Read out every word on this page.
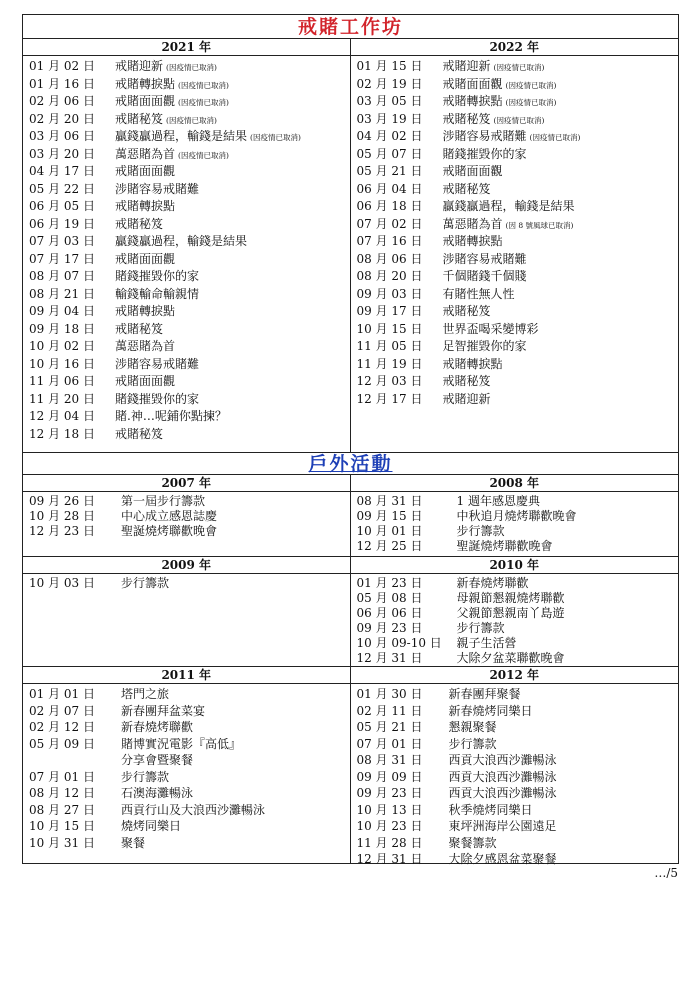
戒賭工作坊
2021 年
01 月 02 日	戒賭迎新 (因疫情已取消)
01 月 16 日	戒賭轉捩點 (因疫情已取消)
02 月 06 日	戒賭面面觀 (因疫情已取消)
02 月 20 日	戒賭秘笈 (因疫情已取消)
03 月 06 日	贏錢贏過程，輸錢是結果 (因疫情已取消)
03 月 20 日	萬惡賭為首 (因疫情已取消)
04 月 17 日	戒賭面面觀
05 月 22 日	涉賭容易戒賭難
06 月 05 日	戒賭轉捩點
06 月 19 日	戒賭秘笈
07 月 03 日	贏錢贏過程，輸錢是結果
07 月 17 日	戒賭面面觀
08 月 07 日	賭錢摧毀你的家
08 月 21 日	輸錢輸命輸親情
09 月 04 日	戒賭轉捩點
09 月 18 日	戒賭秘笈
10 月 02 日	萬惡賭為首
10 月 16 日	涉賭容易戒賭難
11 月 06 日	戒賭面面觀
11 月 20 日	賭錢摧毀你的家
12 月 04 日	賭.神…呢鋪你點揀？
12 月 18 日	戒賭秘笈
2022 年
01 月 15 日	戒賭迎新 (因疫情已取消)
02 月 19 日	戒賭面面觀 (因疫情已取消)
03 月 05 日	戒賭轉捩點 (因疫情已取消)
03 月 19 日	戒賭秘笈 (因疫情已取消)
04 月 02 日	涉賭容易戒賭難 (因疫情已取消)
05 月 07 日	賭錢摧毀你的家
05 月 21 日	戒賭面面觀
06 月 04 日	戒賭秘笈
06 月 18 日	贏錢贏過程，輸錢是結果
07 月 02 日	萬惡賭為首 (因 8 號風球已取消)
07 月 16 日	戒賭轉捩點
08 月 06 日	涉賭容易戒賭難
08 月 20 日	千個賭錢千個賤
09 月 03 日	有賭性無人性
09 月 17 日	戒賭秘笈
10 月 15 日	世界盃喝采變博彩
11 月 05 日	足智摧毀你的家
11 月 19 日	戒賭轉捩點
12 月 03 日	戒賭秘笈
12 月 17 日	戒賭迎新
戶外活動
2007 年
09 月 26 日	第一屆步行籌款
10 月 28 日	中心成立感恩誌慶
12 月 23 日	聖誕燒烤聯歡晚會
2008 年
08 月 31 日	1 週年感恩慶典
09 月 15 日	中秋追月燒烤聯歡晚會
10 月 01 日	步行籌款
12 月 25 日	聖誕燒烤聯歡晚會
2009 年
10 月 03 日	步行籌款
2010 年
01 月 23 日	新春燒烤聯歡
05 月 08 日	母親節懇親燒烤聯歡
06 月 06 日	父親節懇親南丫島遊
09 月 23 日	步行籌款
10 月 09-10 日	親子生活營
12 月 31 日	大除夕盆菜聯歡晚會
2011 年
01 月 01 日	塔門之旅
02 月 07 日	新春團拜盆菜宴
02 月 12 日	新春燒烤聯歡
05 月 09 日	賭博實況電影『高低』
分享會暨聚餐
07 月 01 日	步行籌款
08 月 12 日	石澳海灘暢泳
08 月 27 日	西貢行山及大浪西沙灘暢泳
10 月 15 日	燒烤同樂日
10 月 31 日	聚餐
2012 年
01 月 30 日	新春團拜聚餐
02 月 11 日	新春燒烤同樂日
05 月 21 日	懇親聚餐
07 月 01 日	步行籌款
08 月 31 日	西貢大浪西沙灘暢泳
09 月 09 日	西貢大浪西沙灘暢泳
09 月 23 日	西貢大浪西沙灘暢泳
10 月 13 日	秋季燒烤同樂日
10 月 23 日	東坪洲海岸公園遠足
11 月 28 日	聚餐籌款
12 月 31 日	大除夕感恩盆菜聚餐
…/5
